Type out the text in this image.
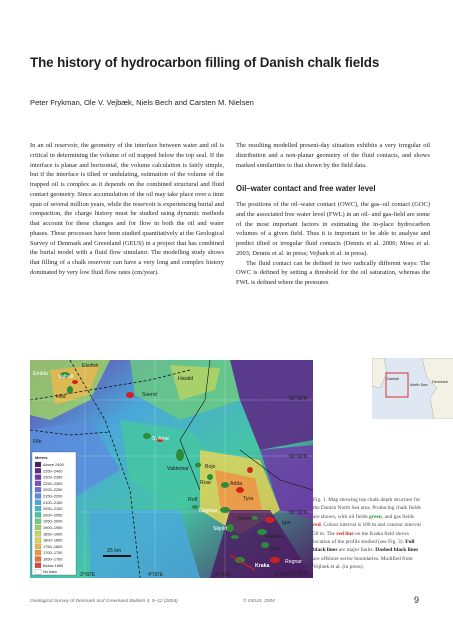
The history of hydrocarbon filling of Danish chalk fields
Peter Frykman, Ole V. Vejbæk, Niels Bech and Carsten M. Nielsen

In an oil reservoir, the geometry of the interface between water and oil is critical in determining the volume of oil trapped below the top seal. If the interface is planar and horizontal, the volume calculation is fairly simple, but if the interface is tilted or undulating, estimation of the volume of the trapped oil is complex as it depends on the combined structural and fluid contact geometry. Since accumulation of the oil may take place over a time span of several million years, while the reservoir is experiencing burial and compaction, the charge history must be studied using dynamic methods that account for these changes and for flow in both the oil and water phases. These processes have been studied quantitatively at the Geological Survey of Denmark and Greenland (GEUS) in a project that has combined the burial model with a fluid flow simulator. The modelling study shows that filling of a chalk reservoir can have a very long and complex history dominated by very low fluid flow rates (cm/year).

The resulting modelled present-day situation exhibits a very irregular oil distribution and a non-planar geometry of the fluid contacts, and shows marked similarities to that shown by the field data.

Oil–water contact and free water level

The positions of the oil–water contact (OWC), the gas–oil contact (GOC) and the associated free water level (FWL) in an oil- and gas-field are some of the most important factors in estimating the in-place hydrocarbon volumes of a given field. Thus it is important to be able to analyse and predict tilted or irregular fluid contacts (Dennis et al. 2000; Moss et al. 2003; Dennis et al. in press; Vejbæk et al. in press).

The fluid contact can be defined in two radically different ways: The OWC is defined by setting a threshold for the oil saturation, whereas the FWL is defined where the pressures

Ekofisk
Valhall
Hod
Harald
Svend
S. Arne
Valdemar	Boje
Roar	Adda
Tyra
Skjold
Gorm
Halfdan
Dan
Kraka
Regnar
Rolf
Dagmar
Igor
Embla
Fife
56°30'N
56°00'N
55°30'N
55°00'N
3°00'E	4°00'E	4°30'E	5°00'E
25 km
Metres
Above 2400
2350–2400
2300–2350
2250–2300
2200–2250
2150–2200
2100–2150
2050–2100
2000–2050
1950–2000
1900–1950
1850–1900
1800–1850
1750–1800
1700–1750
1650–1700
Below 1650
No data
Danish
North Sea
Denmark
Fig. 1. Map showing top chalk depth structure for the Danish North Sea area. Producing chalk fields are shown, with oil fields green, and gas fields red. Colour interval is 100 m and contour interval 50 m. The red line on the Kraka field shows location of the profile studied (see Fig. 3). Full black lines are major faults. Dashed black lines are offshore sector boundaries. Modified from Vejbæk et al. (in press).
Geological Survey of Denmark and Greenland Bulletin 4, 9–12 (2004)	© GEUS, 2004	9
